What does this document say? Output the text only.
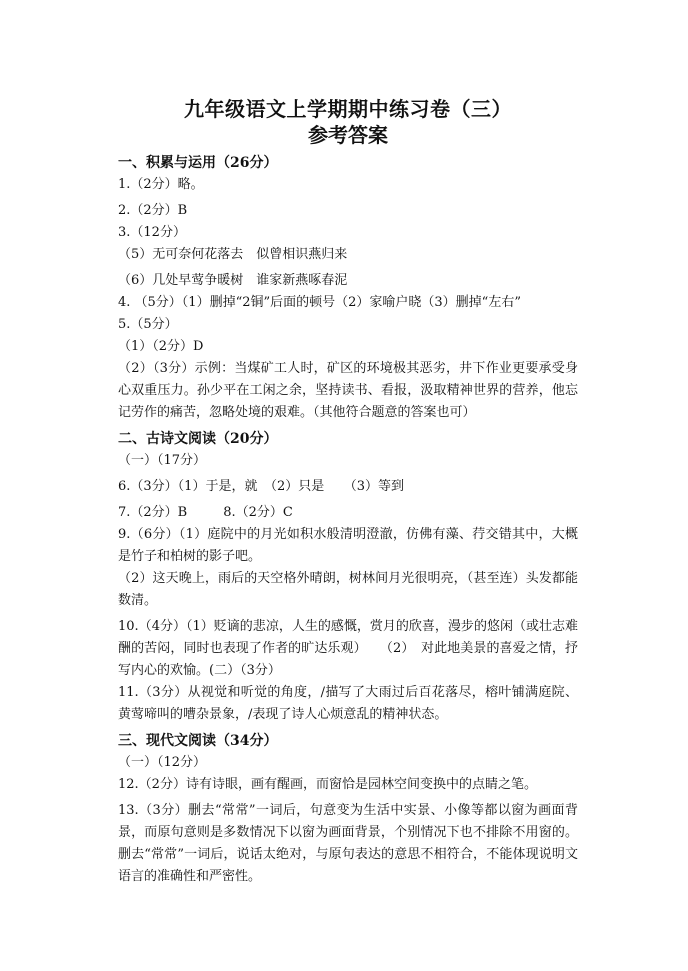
九年级语文上学期期中练习卷（三）
参考答案
一、积累与运用（26分）
1.（2分）略。
2.（2分）B
3.（12分）
（5）无可奈何花落去　似曾相识燕归来
（6）几处早莺争暖树　谁家新燕啄春泥
4. （5分）（1）删掉“2铜”后面的顿号（2）家喻户晓（3）删掉“左右”
5.（5分）
（1）（2分）D
（2）（3分）示例：当煤矿工人时，矿区的环境极其恶劣，井下作业更要承受身心双重压力。孙少平在工闲之余，坚持读书、看报，汲取精神世界的营养，他忘记劳作的痛苦，忽略处境的艰难。（其他符合题意的答案也可）
二、古诗文阅读（20分）
（一）（17分）
6.（3分）（1）于是，就　（2）只是　　（3）等到
7.（2分）B	8.（2分）C
9.（6分）（1）庭院中的月光如积水般清明澄澈，仿佛有藻、荇交错其中，大概是竹子和柏树的影子吧。
（2）这天晚上，雨后的天空格外晴朗，树林间月光很明亮，（甚至连）头发都能数清。
10.（4分）（1）贬谪的悲凉，人生的感慨，赏月的欣喜，漫步的悠闲（或壮志难酬的苦闷，同时也表现了作者的旷达乐观）　　（2）　对此地美景的喜爱之情，抒写内心的欢愉。(二）（3分）
11.（3分）从视觉和听觉的角度，/描写了大雨过后百花落尽，榕叶铺满庭院、黄莺啼叫的嘈杂景象，/表现了诗人心烦意乱的精神状态。
三、现代文阅读（34分）
（一）（12分）
12.（2分）诗有诗眼，画有醒画，而窗恰是园林空间变换中的点睛之笔。
13.（3分）删去“常常”一词后，句意变为生活中实景、小像等都以窗为画面背景，而原句意则是多数情况下以窗为画面背景，个别情况下也不排除不用窗的。删去“常常”一词后，说话太绝对，与原句表达的意思不相符合，不能体现说明文语言的准确性和严密性。
